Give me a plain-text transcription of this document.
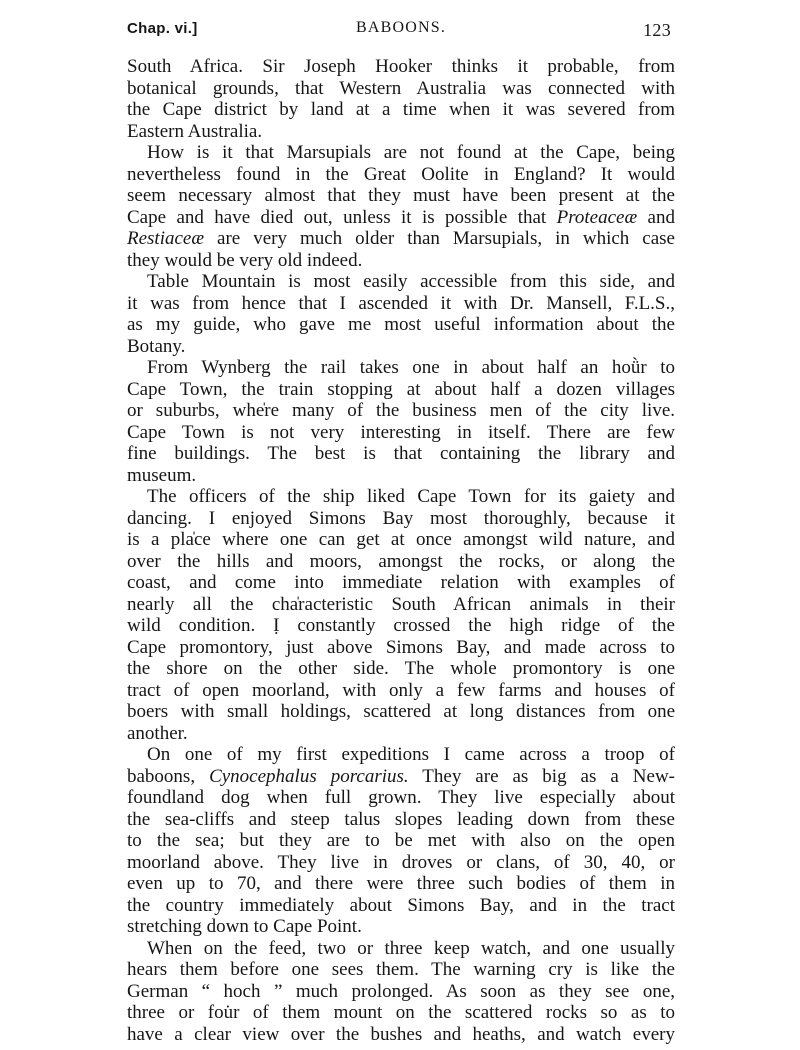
Chap. vi.]	BABOONS.	123

South Africa. Sir Joseph Hooker thinks it probable, from
botanical grounds, that Western Australia was connected with
the Cape district by land at a time when it was severed from
Eastern Australia.

How is it that Marsupials are not found at the Cape, being
nevertheless found in the Great Oolite in England? It would
seem necessary almost that they must have been present at the
Cape and have died out, unless it is possible that Proteaceæ and
Restiaceæ are very much older than Marsupials, in which case
they would be very old indeed.

Table Mountain is most easily accessible from this side, and
it was from hence that I ascended it with Dr. Mansell, F.L.S.,
as my guide, who gave me most useful information about the
Botany.

From Wynberg the rail takes one in about half an hoǜr to
Cape Town, the train stopping at about half a dozen villages
or suburbs, whe̍re many of the business men of the city live.
Cape Town is not very interesting in itself. There are few
fine buildings. The best is that containing the library and
museum.

The officers of the ship liked Cape Town for its gaiety and
dancing. I enjoyed Simons Bay most thoroughly, because it
is a pla̍ce where one can get at once amongst wild nature, and
over the hills and moors, amongst the rocks, or along the
coast, and come into immediate relation with examples of
nearly all the cha̍racteristic South African animals in their
wild condition. Ị constantly crossed the high ridge of the
Cape promontory, just above Simons Bay, and made across to
the shore on the other side. The whole promontory is one
tract of open moorland, with only a few farms and houses of
boers with small holdings, scattered at long distances from one
another.

On one of my first expeditions I came across a troop of
baboons, Cynocephalus porcarius. They are as big as a New-
foundland dog when full grown. They live especially about
the sea-cliffs and steep talus slopes leading down from these
to the sea; but they are to be met with also on the open
moorland above. They live in droves or clans, of 30, 40, or
even up to 70, and there were three such bodies of them in
the country immediately about Simons Bay, and in the tract
stretching down to Cape Point.

When on the feed, two or three keep watch, and one usually
hears them before one sees them. The warning cry is like the
German “ hoch ” much prolonged. As soon as they see one,
three or fou̇r of them mount on the scattered rocks so as to
have a clear view over the bushes and heaths, and watch every
